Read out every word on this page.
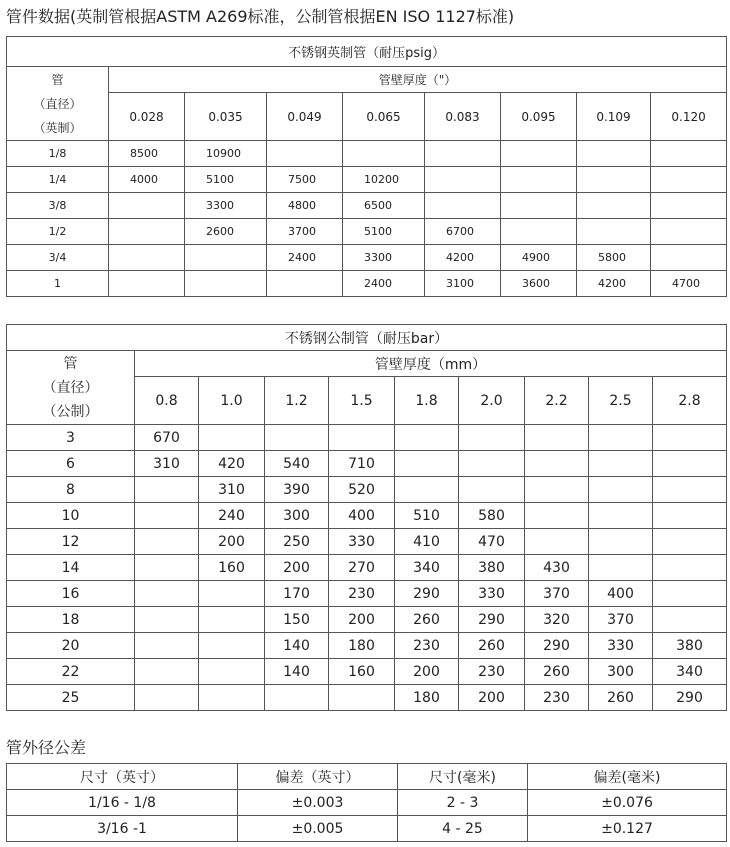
管件数据(英制管根据ASTM A269标准，公制管根据EN ISO 1127标准)
不锈钢英制管（耐压psig）								

管
（直径）
（英制）	管壁厚度（"）							
	0.028	0.035	0.049	0.065	0.083	0.095	0.109	0.120
1/8	8500	10900						
1/4	4000	5100	7500	10200				
3/8		3300	4800	6500				
1/2		2600	3700	5100	6700			
3/4			2400	3300	4200	4900	5800	
1				2400	3100	3600	4200	4700
不锈钢公制管（耐压bar）									

管
（直径）
（公制）	管壁厚度（mm）								
	0.8	1.0	1.2	1.5	1.8	2.0	2.2	2.5	2.8
3	670								
6	310	420	540	710					
8		310	390	520					
10		240	300	400	510	580			
12		200	250	330	410	470			
14		160	200	270	340	380	430		
16			170	230	290	330	370	400	
18			150	200	260	290	320	370	
20			140	180	230	260	290	330	380
22			140	160	200	230	260	300	340
25					180	200	230	260	290
管外径公差
尺寸（英寸）	偏差（英寸）	尺寸(毫米)	偏差(毫米)
1/16 - 1/8	±0.003	2 - 3	±0.076
3/16 -1	±0.005	4 - 25	±0.127
